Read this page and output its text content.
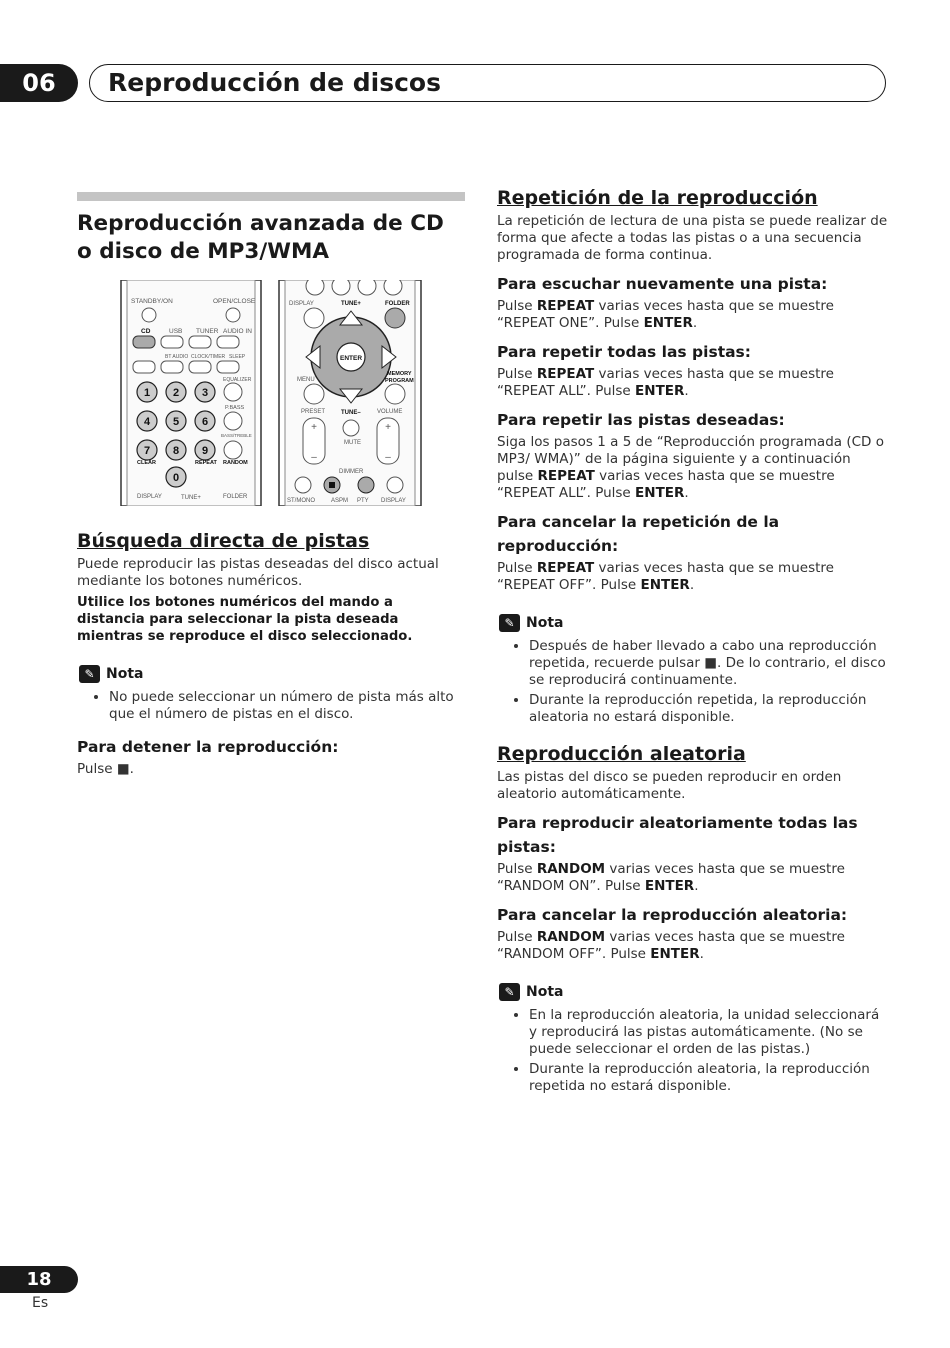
06	Reproducción de discos
Reproducción avanzada de CD o disco de MP3/WMA
STANDBY/ON	OPEN/CLOSE
CD	USB TUNER AUDIO IN
BT AUDIO CLOCK/TIMER SLEEP
EQUALIZER
1 2 3
4 5 6
7 8 9
0
P.BASS
BASS/TREBLE
CLEAR	REPEAT RANDOM
DISPLAY	TUNE+	FOLDER
DISPLAY	TUNE+	FOLDER
ENTER
MENU
MEMORY
PROGRAM
TUNE–
PRESET	VOLUME
+
–
+
–
MUTE
DIMMER
ST/MONO	ASPM PTY DISPLAY
Búsqueda directa de pistas

Puede reproducir las pistas deseadas del disco actual mediante los botones numéricos.

Utilice los botones numéricos del mando a distancia para seleccionar la pista deseada mientras se reproduce el disco seleccionado.

✎ Nota
• No puede seleccionar un número de pista más alto que el número de pistas en el disco.
Para detener la reproducción:

Pulse ■.

Repetición de la reproducción

La repetición de lectura de una pista se puede realizar de forma que afecte a todas las pistas o a una secuencia programada de forma continua.

Para escuchar nuevamente una pista:

Pulse REPEAT varias veces hasta que se muestre “REPEAT ONE”. Pulse ENTER.

Para repetir todas las pistas:

Pulse REPEAT varias veces hasta que se muestre “REPEAT ALL”. Pulse ENTER.

Para repetir las pistas deseadas:

Siga los pasos 1 a 5 de “Reproducción programada (CD o MP3/ WMA)” de la página siguiente y a continuación pulse REPEAT varias veces hasta que se muestre “REPEAT ALL”. Pulse ENTER.

Para cancelar la repetición de la reproducción:

Pulse REPEAT varias veces hasta que se muestre “REPEAT OFF”. Pulse ENTER.

✎ Nota
• Después de haber llevado a cabo una reproducción repetida, recuerde pulsar ■. De lo contrario, el disco se reproducirá continuamente.
• Durante la reproducción repetida, la reproducción aleatoria no estará disponible.
Reproducción aleatoria

Las pistas del disco se pueden reproducir en orden aleatorio automáticamente.

Para reproducir aleatoriamente todas las pistas:

Pulse RANDOM varias veces hasta que se muestre “RANDOM ON”. Pulse ENTER.

Para cancelar la reproducción aleatoria:

Pulse RANDOM varias veces hasta que se muestre “RANDOM OFF”. Pulse ENTER.

✎ Nota
• En la reproducción aleatoria, la unidad seleccionará y reproducirá las pistas automáticamente. (No se puede seleccionar el orden de las pistas.)
• Durante la reproducción aleatoria, la reproducción repetida no estará disponible.
18
Es
